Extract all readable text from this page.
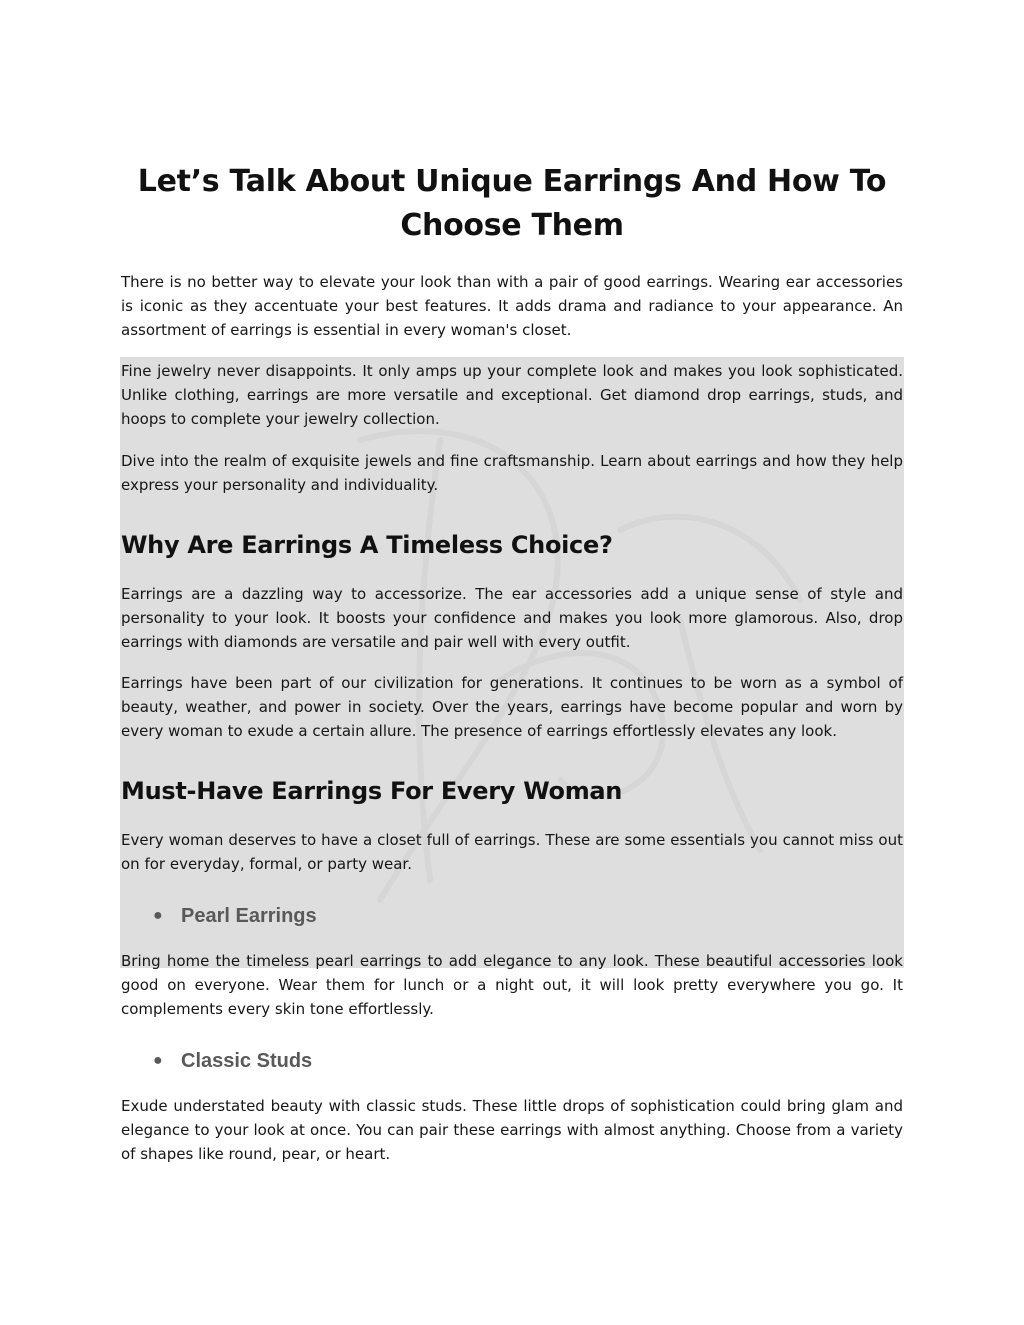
Let’s Talk About Unique Earrings And How To Choose Them

There is no better way to elevate your look than with a pair of good earrings. Wearing ear accessories is iconic as they accentuate your best features. It adds drama and radiance to your appearance. An assortment of earrings is essential in every woman's closet.

Fine jewelry never disappoints. It only amps up your complete look and makes you look sophisticated. Unlike clothing, earrings are more versatile and exceptional. Get diamond drop earrings, studs, and hoops to complete your jewelry collection.

Dive into the realm of exquisite jewels and fine craftsmanship. Learn about earrings and how they help express your personality and individuality.

Why Are Earrings A Timeless Choice?

Earrings are a dazzling way to accessorize. The ear accessories add a unique sense of style and personality to your look. It boosts your confidence and makes you look more glamorous. Also, drop earrings with diamonds are versatile and pair well with every outfit.

Earrings have been part of our civilization for generations. It continues to be worn as a symbol of beauty, weather, and power in society. Over the years, earrings have become popular and worn by every woman to exude a certain allure. The presence of earrings effortlessly elevates any look.

Must-Have Earrings For Every Woman

Every woman deserves to have a closet full of earrings. These are some essentials you cannot miss out on for everyday, formal, or party wear.

● Pearl Earrings

Bring home the timeless pearl earrings to add elegance to any look. These beautiful accessories look good on everyone. Wear them for lunch or a night out, it will look pretty everywhere you go. It complements every skin tone effortlessly.

● Classic Studs

Exude understated beauty with classic studs. These little drops of sophistication could bring glam and elegance to your look at once. You can pair these earrings with almost anything. Choose from a variety of shapes like round, pear, or heart.
